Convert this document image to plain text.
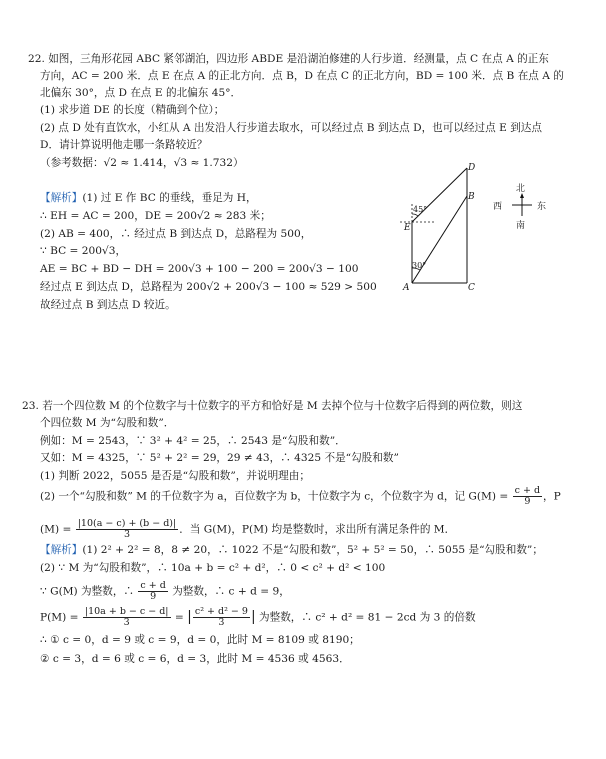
22. 如图，三角形花园 ABC 紧邻湖泊，四边形 ABDE 是沿湖泊修建的人行步道．经测量，点 C 在点 A 的正东
方向，AC = 200 米．点 E 在点 A 的正北方向．点 B，D 在点 C 的正北方向，BD = 100 米．点 B 在点 A 的
北偏东 30°，点 D 在点 E 的北偏东 45°．
(1) 求步道 DE 的长度（精确到个位）；
(2) 点 D 处有直饮水，小红从 A 出发沿人行步道去取水，可以经过点 B 到达点 D，也可以经过点 E 到达点
D．请计算说明他走哪一条路较近？
（参考数据：√2 ≈ 1.414，√3 ≈ 1.732）
【解析】(1) 过 E 作 BC 的垂线，垂足为 H，
∴ EH = AC = 200，DE = 200√2 ≈ 283 米；
(2) AB = 400，∴ 经过点 B 到达点 D，总路程为 500，
∵ BC = 200√3，
AE = BC + BD − DH = 200√3 + 100 − 200 = 200√3 − 100
经过点 E 到达点 D，总路程为 200√2 + 200√3 − 100 ≈ 529 > 500
故经过点 B 到达点 D 较近。
D
B
E
A	C
45°
30°
北
南
西	东
23. 若一个四位数 M 的个位数字与十位数字的平方和恰好是 M 去掉个位与十位数字后得到的两位数，则这
个四位数 M 为“勾股和数”．
例如：M = 2543，∵ 3² + 4² = 25，∴ 2543 是“勾股和数”．
又如：M = 4325，∵ 5² + 2² = 29，29 ≠ 43，∴ 4325 不是“勾股和数”
(1) 判断 2022，5055 是否是“勾股和数”，并说明理由；
(2) 一个“勾股和数” M 的千位数字为 a，百位数字为 b，十位数字为 c，个位数字为 d，记 $G(M) = \frac{c + d}{9}$ ，P
$(M) = \frac{|10(a - c) + (b - d)|}{3}$ ．当 G(M)，P(M) 均是整数时，求出所有满足条件的 M．
【解析】(1) 2² + 2² = 8，8 ≠ 20，∴ 1022 不是“勾股和数”，5² + 5² = 50，∴ 5055 是“勾股和数”；
(2) ∵ M 为“勾股和数”，∴ 10a + b = c² + d²，∴ 0 < c² + d² < 100
∵ G(M) 为整数，∴ $\frac{c + d}{9}$ 为整数，∴ c + d = 9，
$P(M) = \frac{|10a + b - c - d|}{3}$ = | $\frac{\text{c² + d² − 9}}{3}$ | 为整数，∴ c² + d² = 81 − 2cd 为 3 的倍数
∴ ① c = 0，d = 9 或 c = 9，d = 0，此时 M = 8109 或 8190；
② c = 3，d = 6 或 c = 6，d = 3，此时 M = 4536 或 4563．
